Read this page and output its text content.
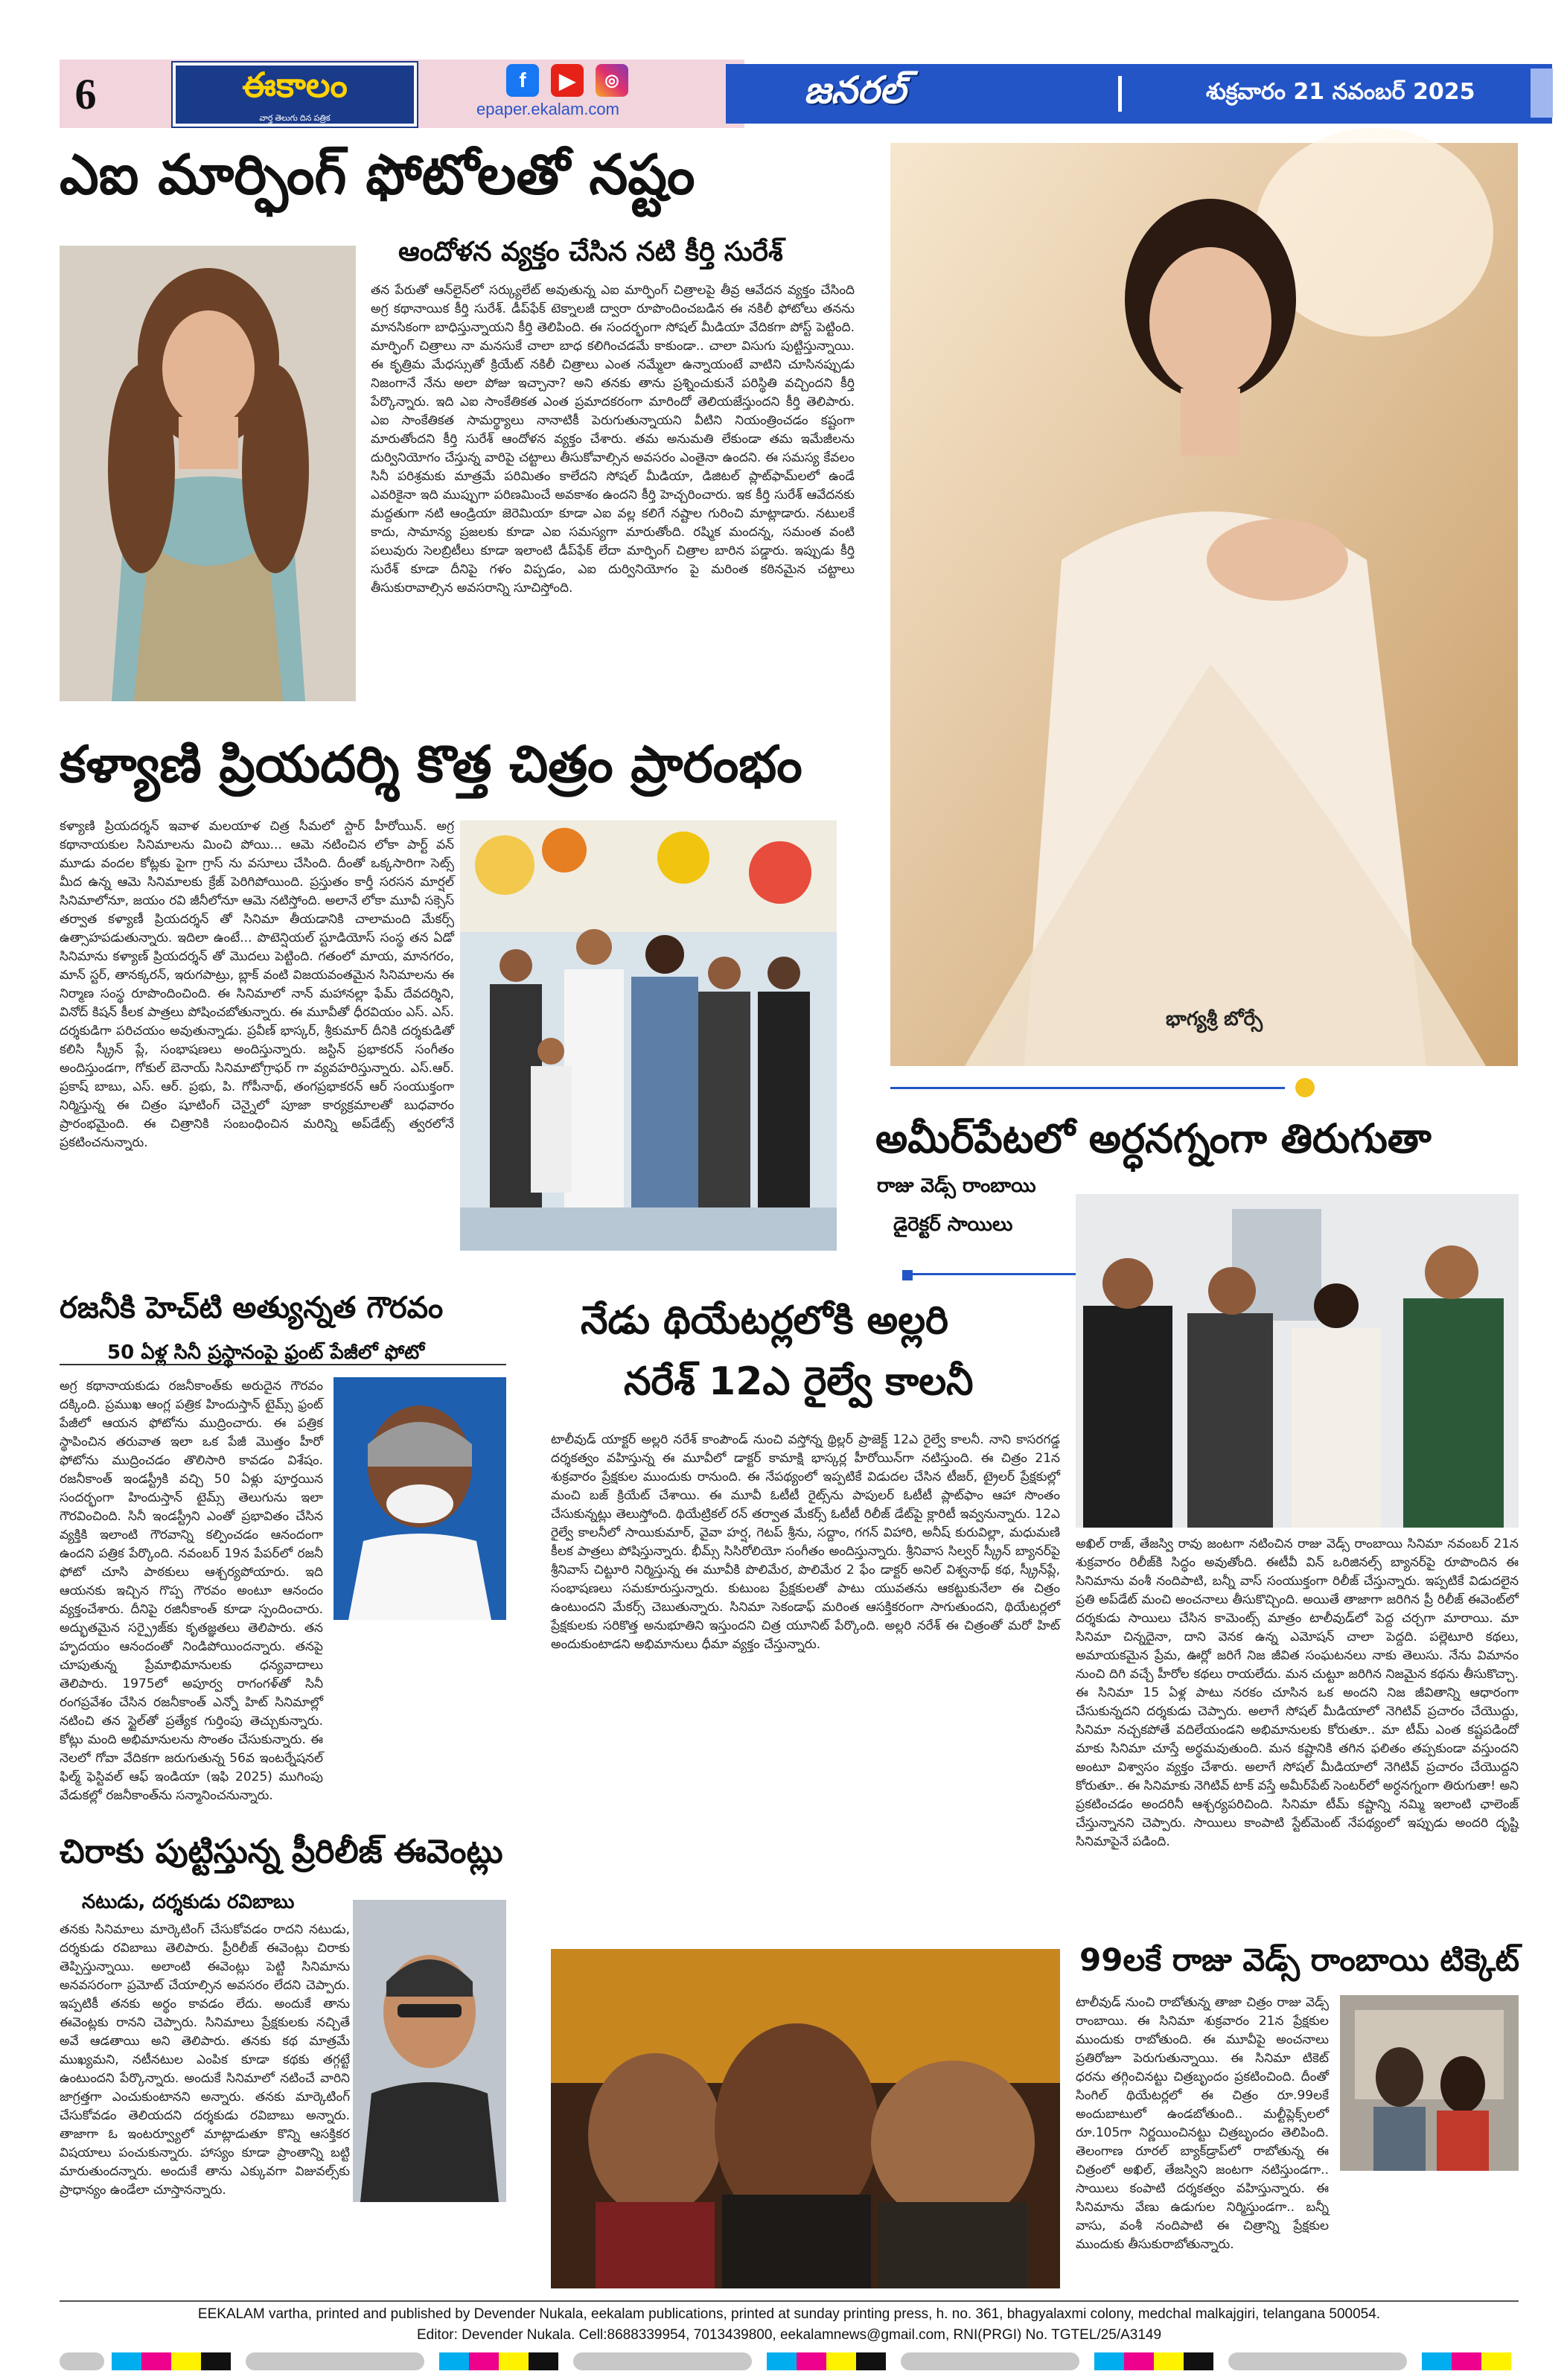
6	ఈకాలం
వార్త తెలుగు దిన పత్రిక
f	▶	◎
epaper.ekalam.com	జనరల్	శుక్రవారం 21 నవంబర్ 2025
ఎఐ మార్ఫింగ్ ఫోటోలతో నష్టం
ఆందోళన వ్యక్తం చేసిన నటి కీర్తి సురేశ్
తన పేరుతో ఆన్‌లైన్‌లో సర్క్యులేట్ అవుతున్న ఎఐ మార్ఫింగ్ చిత్రాలపై తీవ్ర ఆవేదన వ్యక్తం చేసింది అగ్ర కథానాయిక కీర్తి సురేశ్. డీప్‌ఫేక్ టెక్నాలజీ ద్వారా రూపొందించబడిన ఈ నకిలీ ఫోటోలు తనను మానసికంగా బాధిస్తున్నాయని కీర్తి తెలిపింది. ఈ సందర్భంగా సోషల్ మీడియా వేదికగా పోస్ట్ పెట్టింది. మార్ఫింగ్ చిత్రాలు నా మనసుకే చాలా బాధ కలిగించడమే కాకుండా.. చాలా విసుగు పుట్టిస్తున్నాయి. ఈ కృత్రిమ మేధస్సుతో క్రియేట్ నకిలీ చిత్రాలు ఎంత నమ్మేలా ఉన్నాయంటే వాటిని చూసినప్పుడు నిజంగానే నేను అలా పోజు ఇచ్చానా? అని తనకు తాను ప్రశ్నించుకునే పరిస్థితి వచ్చిందని కీర్తి పేర్కొన్నారు. ఇది ఎఐ సాంకేతికత ఎంత ప్రమాదకరంగా మారిందో తెలియజేస్తుందని కీర్తి తెలిపారు. ఎఐ సాంకేతికత సామర్థ్యాలు నానాటికీ పెరుగుతున్నాయని వీటిని నియంత్రించడం కష్టంగా మారుతోందని కీర్తి సురేశ్ ఆందోళన వ్యక్తం చేశారు. తమ అనుమతి లేకుండా తమ ఇమేజీలను దుర్వినియోగం చేస్తున్న వారిపై చట్టాలు తీసుకోవాల్సిన అవసరం ఎంతైనా ఉందని. ఈ సమస్య కేవలం సినీ పరిశ్రమకు మాత్రమే పరిమితం కాలేదని సోషల్ మీడియా, డిజిటల్ ప్లాట్‌ఫామ్‌లలో ఉండే ఎవరికైనా ఇది ముప్పుగా పరిణమించే అవకాశం ఉందని కీర్తి హెచ్చరించారు. ఇక కీర్తి సురేశ్ ఆవేదనకు మద్దతుగా నటి ఆండ్రియా జెరెమియా కూడా ఎఐ వల్ల కలిగే నష్టాల గురించి మాట్లాడారు. నటులకే కాదు, సామాన్య ప్రజలకు కూడా ఎఐ సమస్యగా మారుతోంది. రష్మిక మందన్న, సమంత వంటి పలువురు సెలబ్రిటీలు కూడా ఇలాంటి డీప్‌ఫేక్ లేదా మార్ఫింగ్ చిత్రాల బారిన పడ్డారు. ఇప్పుడు కీర్తి సురేశ్ కూడా దీనిపై గళం విప్పడం, ఎఐ దుర్వినియోగం పై మరింత కఠినమైన చట్టాలు తీసుకురావాల్సిన అవసరాన్ని సూచిస్తోంది.
భాగ్యశ్రీ బోర్సే
కళ్యాణి ప్రియదర్శి కొత్త చిత్రం ప్రారంభం
కళ్యాణి ప్రియదర్శన్ ఇవాళ మలయాళ చిత్ర సీమలో స్టార్ హీరోయిన్. అగ్ర కథానాయకుల సినిమాలను మించి పోయి... ఆమె నటించిన లోకా పార్ట్ వన్ మూడు వందల కోట్లకు పైగా గ్రాస్ ను వసూలు చేసింది. దీంతో ఒక్కసారిగా సెట్స్ మీద ఉన్న ఆమె సినిమాలకు క్రేజ్ పెరిగిపోయింది. ప్రస్తుతం కార్తీ సరసన మార్షల్ సినిమాలోనూ, జయం రవి జీనీలోనూ ఆమె నటిస్తోంది. అలానే లోకా మూవీ సక్సెస్ తర్వాత కళ్యాణీ ప్రియదర్శన్ తో సినిమా తీయడానికి చాలామంది మేకర్స్ ఉత్సాహపడుతున్నారు. ఇదిలా ఉంటే... పొటెన్షియల్ స్టూడియోస్ సంస్థ తన ఏడో సినిమాను కళ్యాణ్ ప్రియదర్శన్ తో మొదలు పెట్టింది. గతంలో మాయ, మానగరం, మాన్ స్టర్, తానక్కరన్, ఇరుగపాట్రు, బ్లాక్ వంటి విజయవంతమైన సినిమాలను ఈ నిర్మాణ సంస్థ రూపొందించింది. ఈ సినిమాలో నాన్ మహానల్లా ఫేమ్ దేవదర్శిని, వినోద్ కిషన్ కీలక పాత్రలు పోషించబోతున్నారు. ఈ మూవీతో ధీరవియం ఎస్. ఎస్. దర్శకుడిగా పరిచయం అవుతున్నాడు. ప్రవీణ్ భాస్కర్, శ్రీకుమార్ దీనికి దర్శకుడితో కలిసి స్క్రీన్ ప్లే, సంభాషణలు అందిస్తున్నారు. జస్టిన్ ప్రభాకరన్ సంగీతం అందిస్తుండగా, గోకుల్ బెనాయ్ సినిమాటోగ్రాఫర్ గా వ్యవహరిస్తున్నారు. ఎస్.ఆర్. ప్రకాష్ బాబు, ఎస్. ఆర్. ప్రభు, పి. గోపీనాథ్, తంగప్రభాకరన్ ఆర్ సంయుక్తంగా నిర్మిస్తున్న ఈ చిత్రం షూటింగ్ చెన్నైలో పూజా కార్యక్రమాలతో బుధవారం ప్రారంభమైంది. ఈ చిత్రానికి సంబంధించిన మరిన్ని అప్‌డేట్స్ త్వరలోనే ప్రకటించనున్నారు.	అమీర్‌పేటలో అర్ధనగ్నంగా తిరుగుతా
రాజు వెడ్స్ రాంబాయి
డైరెక్టర్ సాయిలు
అఖిల్ రాజ్, తేజస్వి రావు జంటగా నటించిన రాజు వెడ్స్ రాంబాయి సినిమా నవంబర్ 21న శుక్రవారం రిలీజ్‌కి సిద్ధం అవుతోంది. ఈటీవీ విన్ ఒరిజినల్స్ బ్యానర్‌పై రూపొందిన ఈ సినిమాను వంశీ నందిపాటి, బన్నీ వాస్ సంయుక్తంగా రిలీజ్ చేస్తున్నారు. ఇప్పటికే విడుదలైన ప్రతి అప్‌డేట్ మంచి అంచనాలు తీసుకొచ్చింది. అయితే తాజాగా జరిగిన ప్రీ రిలీజ్ ఈవెంట్‌లో దర్శకుడు సాయిలు చేసిన కామెంట్స్ మాత్రం టాలీవుడ్‌లో పెద్ద చర్చగా మారాయి. మా సినిమా చిన్నదైనా, దాని వెనక ఉన్న ఎమోషన్ చాలా పెద్దది. పల్లెటూరి కథలు, అమాయకమైన ప్రేమ, ఊర్లో జరిగే నిజ జీవిత సంఘటనలు నాకు తెలుసు. నేను విమానం నుంచి దిగి వచ్చే హీరోల కథలు రాయలేదు. మన చుట్టూ జరిగిన నిజమైన కథను తీసుకొచ్చా. ఈ సినిమా 15 ఏళ్ల పాటు నరకం చూసిన ఒక అందని నిజ జీవితాన్ని ఆధారంగా చేసుకున్నదని దర్శకుడు చెప్పారు. అలాగే సోషల్ మీడియాలో నెగిటివ్ ప్రచారం చేయొద్దు, సినిమా నచ్చకపోతే వదిలేయండని అభిమానులకు కోరుతూ.. మా టీమ్ ఎంత కష్టపడిందో మాకు సినిమా చూస్తే అర్థమవుతుంది. మన కష్టానికి తగిన ఫలితం తప్పకుండా వస్తుందని అంటూ విశ్వాసం వ్యక్తం చేశారు. అలాగే సోషల్ మీడియాలో నెగిటివ్ ప్రచారం చేయొద్దని కోరుతూ.. ఈ సినిమాకు నెగిటివ్ టాక్ వస్తే అమీర్‌పేట్ సెంటర్‌లో అర్ధనగ్నంగా తిరుగుతా! అని ప్రకటించడం అందరినీ ఆశ్చర్యపరిచింది. సినిమా టీమ్ కష్టాన్ని నమ్మి ఇలాంటి ఛాలెంజ్ చేస్తున్నానని చెప్పారు. సాయిలు కాంపాటి స్టేట్‌మెంట్ నేపథ్యంలో ఇప్పుడు అందరి దృష్టి సినిమాపైనే పడింది.
రజనీకి హెచ్‌టి అత్యున్నత గౌరవం
50 ఏళ్ల సినీ ప్రస్థానంపై ఫ్రంట్ పేజీలో ఫోటో
అగ్ర కథానాయకుడు రజనీకాంత్‌కు అరుదైన గౌరవం దక్కింది. ప్రముఖ ఆంగ్ల పత్రిక హిందుస్తాన్ టైమ్స్ ఫ్రంట్ పేజీలో ఆయన ఫోటోను ముద్రించారు. ఈ పత్రిక స్థాపించిన తరువాత ఇలా ఒక పేజీ మొత్తం హీరో ఫోటోను ముద్రించడం తొలిసారి కావడం విశేషం. రజనీకాంత్ ఇండస్ట్రీకి వచ్చి 50 ఏళ్లు పూర్తయిన సందర్భంగా హిందుస్తాన్ టైమ్స్ తెలుగును ఇలా గౌరవించింది. సినీ ఇండస్ట్రీని ఎంతో ప్రభావితం చేసిన వ్యక్తికి ఇలాంటి గౌరవాన్ని కల్పించడం ఆనందంగా ఉందని పత్రిక పేర్కొంది. నవంబర్ 19న పేపర్‌లో రజనీ ఫోటో చూసి పాఠకులు ఆశ్చర్యపోయారు. ఇది ఆయనకు ఇచ్చిన గొప్ప గౌరవం అంటూ ఆనందం వ్యక్తంచేశారు. దీనిపై రజినీకాంత్ కూడా స్పందించారు. అద్భుతమైన సర్ప్రైజ్‌కు కృతజ్ఞతలు తెలిపారు. తన హృదయం ఆనందంతో నిండిపోయిందన్నారు. తనపై చూపుతున్న ప్రేమాభిమానులకు ధన్యవాదాలు తెలిపారు. 1975లో అపూర్వ రాగంగళ్‌తో సినీ రంగప్రవేశం చేసిన రజనీకాంత్ ఎన్నో హిట్ సినిమాల్లో నటించి తన స్టైల్‌తో ప్రత్యేక గుర్తింపు తెచ్చుకున్నారు. కోట్లు మంది అభిమానులను సొంతం చేసుకున్నారు. ఈ నెలలో గోవా వేదికగా జరుగుతున్న 56వ ఇంటర్నేషనల్ ఫిల్మ్ ఫెస్టివల్ ఆఫ్ ఇండియా (ఇఫి 2025) ముగింపు వేడుకల్లో రజనీకాంత్‌ను సన్మానించనున్నారు.
నేడు థియేటర్లలోకి అల్లరి
నరేశ్ 12ఎ రైల్వే కాలనీ
టాలీవుడ్ యాక్టర్ అల్లరి నరేశ్ కాంపౌండ్ నుంచి వస్తోన్న థ్రిల్లర్ ప్రాజెక్ట్ 12ఎ రైల్వే కాలనీ. నాని కాసరగడ్డ దర్శకత్వం వహిస్తున్న ఈ మూవీలో డాక్టర్ కామాక్షి భాస్కర్ల హీరోయిన్‌గా నటిస్తుంది. ఈ చిత్రం 21న శుక్రవారం ప్రేక్షకుల ముందుకు రానుంది. ఈ నేపథ్యంలో ఇప్పటికే విడుదల చేసిన టీజర్, ట్రైలర్ ప్రేక్షకుల్లో మంచి బజ్ క్రియేట్ చేశాయి. ఈ మూవీ ఓటీటీ రైట్స్‌ను పాపులర్ ఓటీటీ ప్లాట్‌ఫాం ఆహా సొంతం చేసుకున్నట్లు తెలుస్తోంది. థియేట్రికల్ రన్ తర్వాత మేకర్స్ ఓటీటీ రిలీజ్ డేట్‌పై క్లారిటీ ఇవ్వనున్నారు. 12ఎ రైల్వే కాలనీలో సాయికుమార్, వైవా హర్ష, గెటప్ శ్రీను, సద్దాం, గగన్ విహారి, అనీష్ కురువిల్లా, మధుమణి కీలక పాత్రలు పోషిస్తున్నారు. భీమ్స్ సిసిరోలియో సంగీతం అందిస్తున్నారు. శ్రీనివాస సిల్వర్ స్క్రీన్ బ్యానర్‌పై శ్రీనివాస్ చిట్టూరి నిర్మిస్తున్న ఈ మూవీకి పొలిమేర, పొలిమేర 2 ఫేం డాక్టర్ అనిల్ విశ్వనాథ్ కథ, స్క్రీన్‌ప్లే, సంభాషణలు సమకూరుస్తున్నారు. కుటుంబ ప్రేక్షకులతో పాటు యువతను ఆకట్టుకునేలా ఈ చిత్రం ఉంటుందని మేకర్స్ చెబుతున్నారు. సినిమా సెకండాఫ్ మరింత ఆసక్తికరంగా సాగుతుందని, థియేటర్లలో ప్రేక్షకులకు సరికొత్త అనుభూతిని ఇస్తుందని చిత్ర యూనిట్ పేర్కొంది. అల్లరి నరేశ్ ఈ చిత్రంతో మరో హిట్ అందుకుంటాడని అభిమానులు ధీమా వ్యక్తం చేస్తున్నారు.
చిరాకు పుట్టిస్తున్న ప్రీరిలీజ్ ఈవెంట్లు
నటుడు, దర్శకుడు రవిబాబు
తనకు సినిమాలు మార్కెటింగ్ చేసుకోవడం రాదని నటుడు, దర్శకుడు రవిబాబు తెలిపారు. ప్రీరిలీజ్ ఈవెంట్లు చిరాకు తెప్పిస్తున్నాయి. అలాంటి ఈవెంట్లు పెట్టి సినిమాను అనవసరంగా ప్రమోట్ చేయాల్సిన అవసరం లేదని చెప్పారు. ఇప్పటికీ తనకు అర్థం కావడం లేదు. అందుకే తాను ఈవెంట్లకు రానని చెప్పారు. సినిమాలు ప్రేక్షకులకు నచ్చితే అవే ఆడతాయి అని తెలిపారు. తనకు కథ మాత్రమే ముఖ్యమని, నటీనటుల ఎంపిక కూడా కథకు తగ్గట్టే ఉంటుందని పేర్కొన్నారు. అందుకే సినిమాలో నటించే వారిని జాగ్రత్తగా ఎంచుకుంటానని అన్నారు. తనకు మార్కెటింగ్ చేసుకోవడం తెలియదని దర్శకుడు రవిబాబు అన్నారు. తాజాగా ఓ ఇంటర్వ్యూలో మాట్లాడుతూ కొన్ని ఆసక్తికర విషయాలు పంచుకున్నారు. హాస్యం కూడా ప్రాంతాన్ని బట్టి మారుతుందన్నారు. అందుకే తాను ఎక్కువగా విజువల్స్‌కు ప్రాధాన్యం ఉండేలా చూస్తానన్నారు.
99లకే రాజు వెడ్స్ రాంబాయి టిక్కెట్
టాలీవుడ్ నుంచి రాబోతున్న తాజా చిత్రం రాజు వెడ్స్ రాంబాయి. ఈ సినిమా శుక్రవారం 21న ప్రేక్షకుల ముందుకు రాబోతుంది. ఈ మూవీపై అంచనాలు ప్రతిరోజూ పెరుగుతున్నాయి. ఈ సినిమా టికెట్ ధరను తగ్గించినట్టు చిత్రబృందం ప్రకటించింది. దీంతో సింగిల్ థియేటర్లలో ఈ చిత్రం రూ.99లకే అందుబాటులో ఉండబోతుంది.. మల్టీప్లెక్స్‌లలో రూ.105గా నిర్ణయించినట్టు చిత్రబృందం తెలిపింది. తెలంగాణ రూరల్ బ్యాక్‌డ్రాప్‌లో రాబోతున్న ఈ చిత్రంలో అఖిల్, తేజస్విని జంటగా నటిస్తుండగా.. సాయిలు కంపాటి దర్శకత్వం వహిస్తున్నారు. ఈ సినిమాను వేణు ఉడుగుల నిర్మిస్తుండగా.. బన్నీ వాసు, వంశీ నందిపాటి ఈ చిత్రాన్ని ప్రేక్షకుల ముందుకు తీసుకురాబోతున్నారు.
EEKALAM vartha, printed and published by Devender Nukala, eekalam publications, printed at sunday printing press, h. no. 361, bhagyalaxmi colony, medchal malkajgiri, telangana 500054.
Editor: Devender Nukala. Cell:8688339954, 7013439800, eekalamnews@gmail.com, RNI(PRGI) No. TGTEL/25/A3149
